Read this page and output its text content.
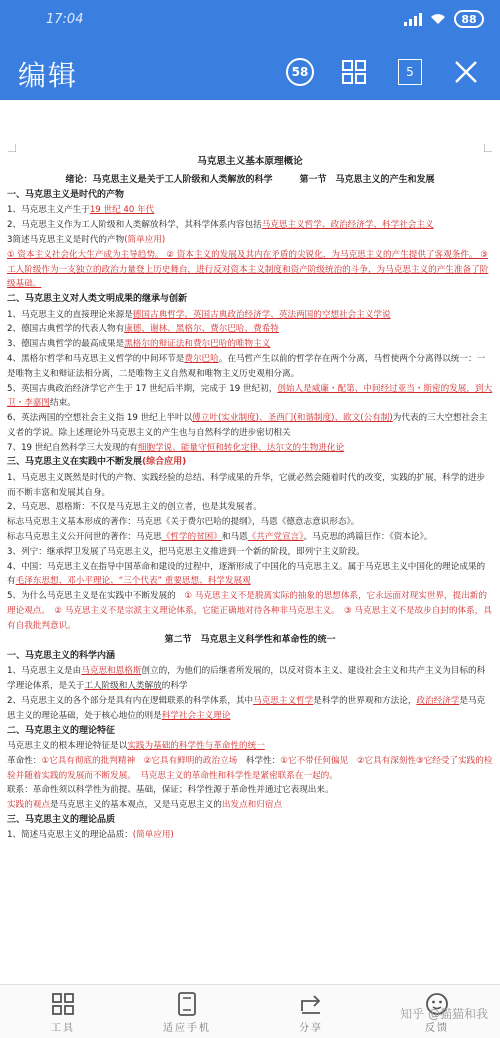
17:04	88
编辑	58	5
马克思主义基本原理概论
绪论：马克思主义是关于工人阶级和人类解放的科学　　　第一节　马克思主义的产生和发展
一、马克思主义是时代的产物
1、马克思主义产生于19 世纪 40 年代
2、马克思主义作为工人阶级和人类解放科学，其科学体系内容包括马克思主义哲学、政治经济学、科学社会主义
3简述马克思主义是时代的产物(简单应用)
① 资本主义社会化大生产成为主导趋势。 ② 资本主义的发展及其内在矛盾的尖锐化，为马克思主义的产生提供了客观条件。 ③ 工人阶级作为一支独立的政治力量登上历史舞台，进行反对资本主义制度和资产阶级统治的斗争，为马克思主义的产生准备了阶级基础。
二、马克思主义对人类文明成果的继承与创新
1、马克思主义的直接理论来源是德国古典哲学、英国古典政治经济学、英法两国的空想社会主义学说
2、德国古典哲学的代表人物有康德、谢林、黑格尔、费尔巴哈、费希特
3、德国古典哲学的最高成果是黑格尔的辩证法和费尔巴哈的唯物主义
4、黑格尔哲学和马克思主义哲学的中间环节是费尔巴哈。在马哲产生以前的哲学存在两个分离，马哲使两个分离得以统一：一是唯物主义和辩证法相分离，二是唯物主义自然观和唯物主义历史观相分离。
5、英国古典政治经济学它产生于 17 世纪后半期，完成于 19 世纪初，创始人是威廉・配第、中间经过亚当・斯密的发展，到大卫・李嘉图结束。
6、英法两国的空想社会主义指 19 世纪上半叶以傅立叶(实业制度)、圣西门(和谐制度)、欧文(公有制)为代表的三大空想社会主义者的学说。除上述理论外马克思主义的产生也与自然科学的进步密切相关
7、19 世纪自然科学三大发现的有细胞学说、能量守恒和转化定律、达尔文的生物进化论
三、马克思主义在实践中不断发展(综合应用)
1、马克思主义既然是时代的产物、实践经验的总结、科学成果的升华，它就必然会随着时代的改变，实践的扩展，科学的进步而不断丰富和发展其自身。
2、马克思、恩格斯：不仅是马克思主义的创立者，也是其发展者。
标志马克思主义基本形成的著作：马克思《关于费尔巴哈的提纲》，马恩《德意志意识形态》。
标志马克思主义公开问世的著作：马克思《哲学的贫困》和马恩《共产党宣言》。马克思的鸿篇巨作：《资本论》。
3、列宁：继承捍卫发展了马克思主义，把马克思主义推进到一个新的阶段，即列宁主义阶段。
4、中国：马克思主义在指导中国革命和建设的过程中，逐渐形成了中国化的马克思主义。属于马克思主义中国化的理论成果的有毛泽东思想、邓小平理论、“三个代表” 重要思想、科学发展观
5、为什么马克思主义是在实践中不断发展的　① 马克思主义不是脱离实际的抽象的思想体系，它永远面对现实世界，提出新的理论观点。　② 马克思主义不是宗派主义理论体系，它能正确地对待各种非马克思主义。　③ 马克思主义不是故步自封的体系，具有自我批判意识。
第二节　马克思主义科学性和革命性的统一
一、马克思主义的科学内涵
1、马克思主义是由马克思和恩格斯创立的，为他们的后继者所发展的，以反对资本主义、建设社会主义和共产主义为目标的科学理论体系，是关于工人阶级和人类解放的科学
2、马克思主义的各个部分是具有内在逻辑联系的科学体系，其中马克思主义哲学是科学的世界观和方法论，政治经济学是马克思主义的理论基础，处于核心地位的则是科学社会主义理论
二、马克思主义的理论特征
马克思主义的根本理论特征是以实践为基础的科学性与革命性的统一
革命性：①它具有彻底的批判精神　②它具有鲜明的政治立场　科学性：①它不带任何偏见　②它具有深刻性③它经受了实践的检验并随着实践的发展而不断发展。　马克思主义的革命性和科学性是紧密联系在一起的。
联系：革命性须以科学性为前提、基础，保证；科学性源于革命性并通过它表现出来。
实践的观点是马克思主义的基本观点，又是马克思主义的出发点和归宿点
三、马克思主义的理论品质
1、简述马克思主义的理论品质：(简单应用)
工具	适应手机	分享	反馈
知乎 @猫猫和我
